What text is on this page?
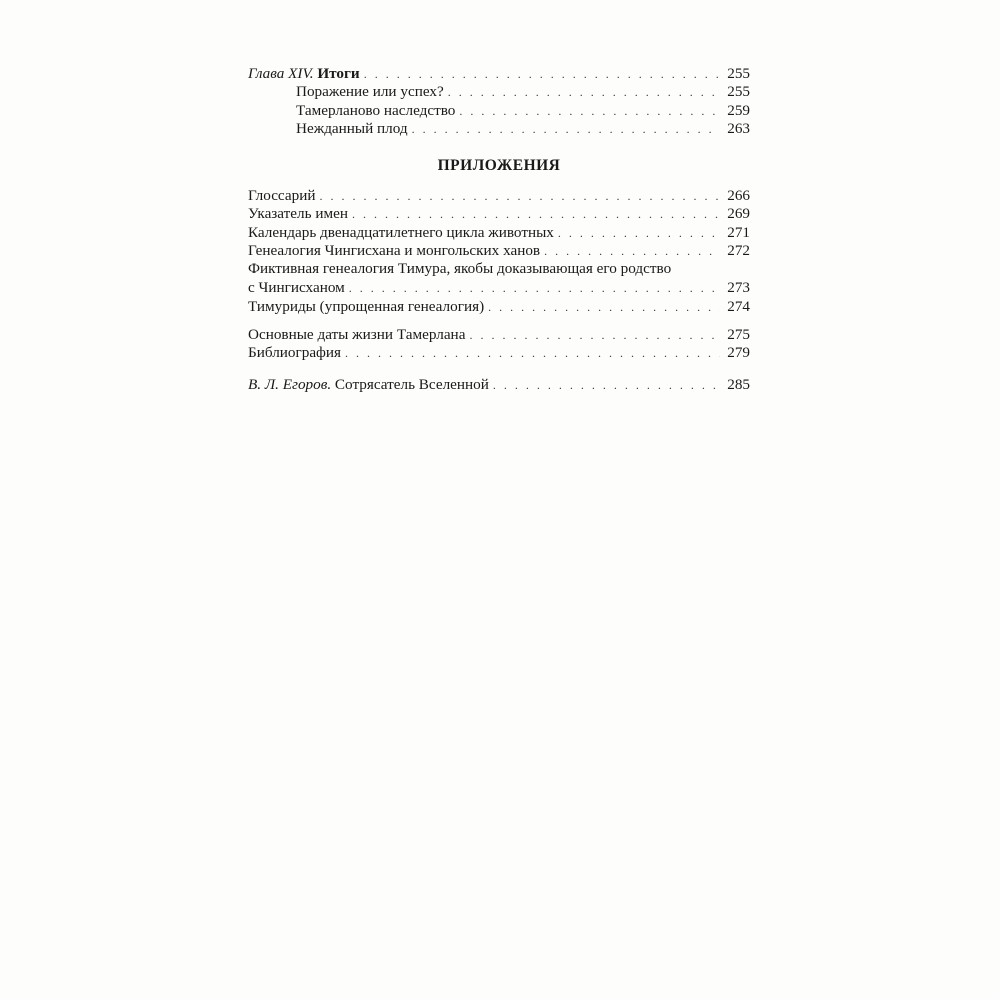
Глава XIV. Итоги . . .	255
Поражение или успех? . . .	255
Тамерланово наследство . . .	259
Нежданный плод . . .	263
ПРИЛОЖЕНИЯ
Глоссарий . . .	266
Указатель имен . . .	269
Календарь двенадцатилетнего цикла животных . . .	271
Генеалогия Чингисхана и монгольских ханов . . .	272
Фиктивная генеалогия Тимура, якобы доказывающая его родство
с Чингисханом . . .	273
Тимуриды (упрощенная генеалогия) . . .	274
Основные даты жизни Тамерлана . . .	275
Библиография . . .	279
В. Л. Егоров. Сотрясатель Вселенной . . .	285
